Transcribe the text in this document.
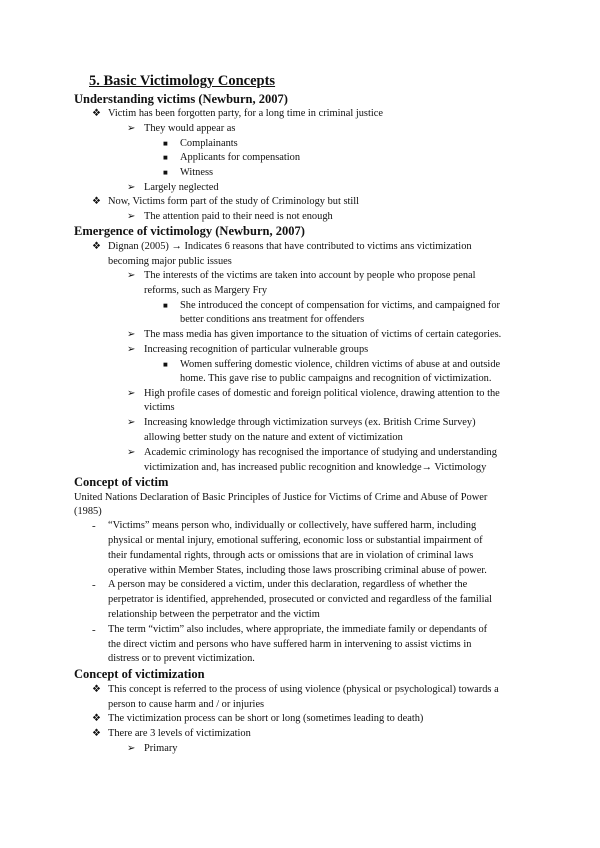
5. Basic Victimology Concepts
Understanding victims (Newburn, 2007)
❖ Victim has been forgotten party, for a long time in criminal justice
➢ They would appear as
■ Complainants
■ Applicants for compensation
■ Witness
➢ Largely neglected
❖ Now, Victims form part of the study of Criminology but still
➢ The attention paid to their need is not enough
Emergence of victimology (Newburn, 2007)
❖ Dignan (2005) → Indicates 6 reasons that have contributed to victims ans victimization
becoming major public issues
➢ The interests of the victims are taken into account by people who propose penal
reforms, such as Margery Fry
■ She introduced the concept of compensation for victims, and campaigned for
better conditions ans treatment for offenders
➢ The mass media has given importance to the situation of victims of certain categories.
➢ Increasing recognition of particular vulnerable groups
■ Women suffering domestic violence, children victims of abuse at and outside
home. This gave rise to public campaigns and recognition of victimization.
➢ High profile cases of domestic and foreign political violence, drawing attention to the
victims
➢ Increasing knowledge through victimization surveys (ex. British Crime Survey)
allowing better study on the nature and extent of victimization
➢ Academic criminology has recognised the importance of studying and understanding
victimization and, has increased public recognition and knowledge→ Victimology
Concept of victim
United Nations Declaration of Basic Principles of Justice for Victims of Crime and Abuse of Power
(1985)
- “Victims” means person who, individually or collectively, have suffered harm, including
physical or mental injury, emotional suffering, economic loss or substantial impairment of
their fundamental rights, through acts or omissions that are in violation of criminal laws
operative within Member States, including those laws proscribing criminal abuse of power.
- A person may be considered a victim, under this declaration, regardless of whether the
perpetrator is identified, apprehended, prosecuted or convicted and regardless of the familial
relationship between the perpetrator and the victim
- The term “victim” also includes, where appropriate, the immediate family or dependants of
the direct victim and persons who have suffered harm in intervening to assist victims in
distress or to prevent victimization.
Concept of victimization
❖ This concept is referred to the process of using violence (physical or psychological) towards a
person to cause harm and / or injuries
❖ The victimization process can be short or long (sometimes leading to death)
❖ There are 3 levels of victimization
➢ Primary
